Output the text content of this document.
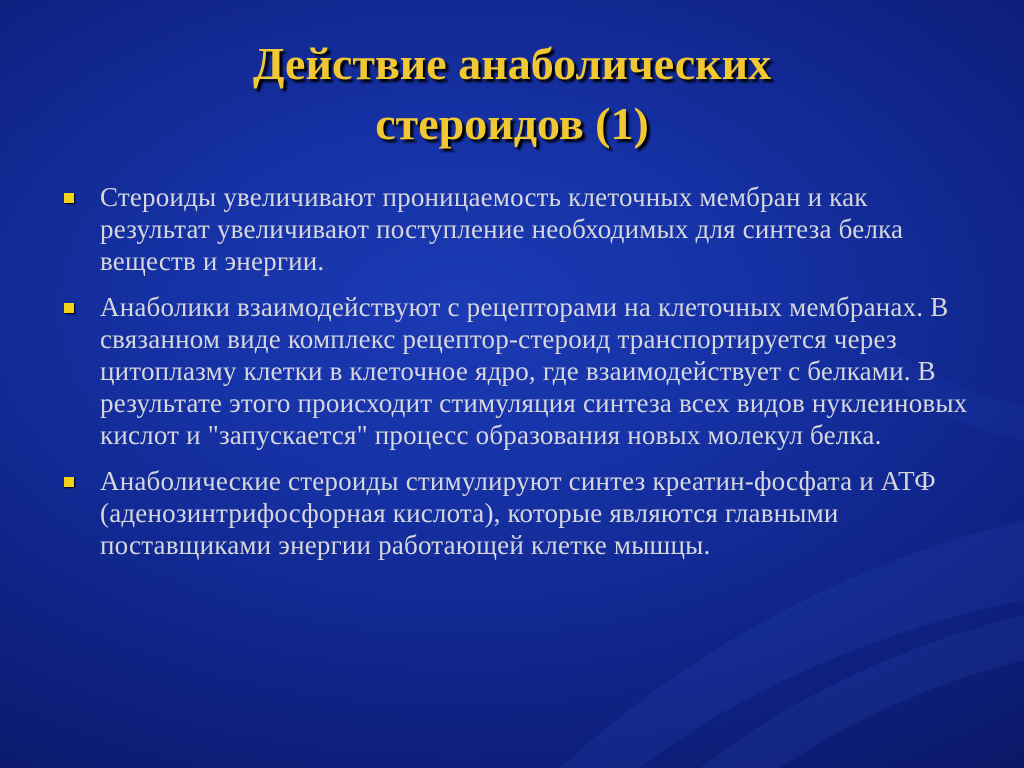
Действие анаболических
стероидов (1)
Стероиды увеличивают проницаемость клеточных мембран и как результат увеличивают поступление необходимых для синтеза белка веществ и энергии.
Анаболики взаимодействуют с рецепторами на клеточных мембранах. В связанном виде комплекс рецептор-стероид транспортируется через цитоплазму клетки в клеточное ядро, где взаимодействует с белками. В результате этого происходит стимуляция синтеза всех видов нуклеиновых кислот и "запускается" процесс образования новых молекул белка.
Анаболические стероиды стимулируют синтез креатин-фосфата и АТФ (аденозинтрифосфорная кислота), которые являются главными поставщиками энергии работающей клетке мышцы.
